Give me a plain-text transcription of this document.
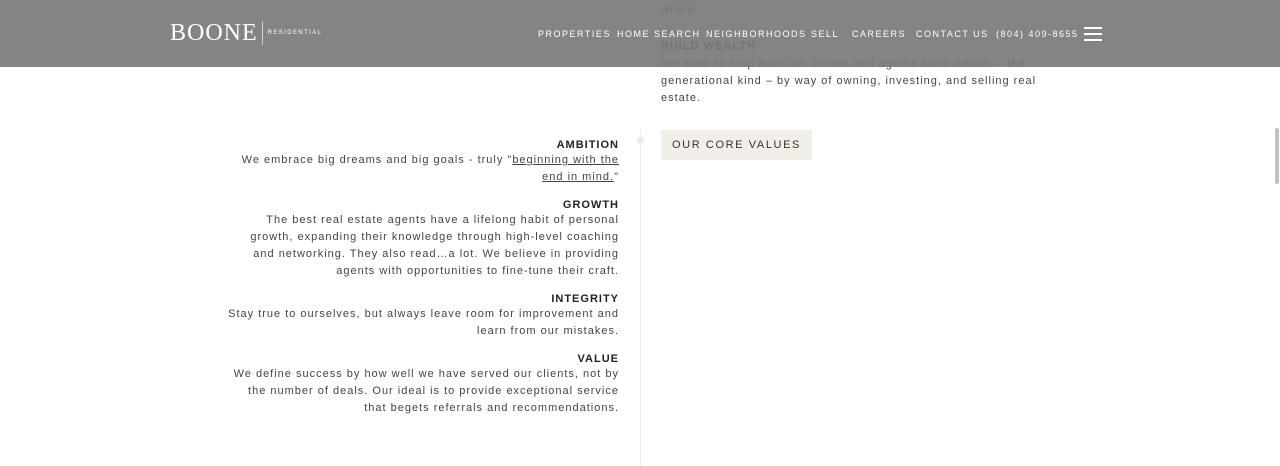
generational kind – by way of owning, investing, and selling real estate.
OUR CORE VALUES
AMBITION
We embrace big dreams and big goals - truly "beginning with the end in mind."
GROWTH
The best real estate agents have a lifelong habit of personal growth, expanding their knowledge through high-level coaching and networking. They also read…a lot. We believe in providing agents with opportunities to fine-tune their craft.
INTEGRITY
Stay true to ourselves, but always leave room for improvement and learn from our mistakes.
VALUE
We define success by how well we have served our clients, not by the number of deals. Our ideal is to provide exceptional service that begets referrals and recommendations.
BOONE RESIDENTIAL	PROPERTIES HOME SEARCH NEIGHBORHOODS SELL CAREERS CONTACT US (804) 409-8655
